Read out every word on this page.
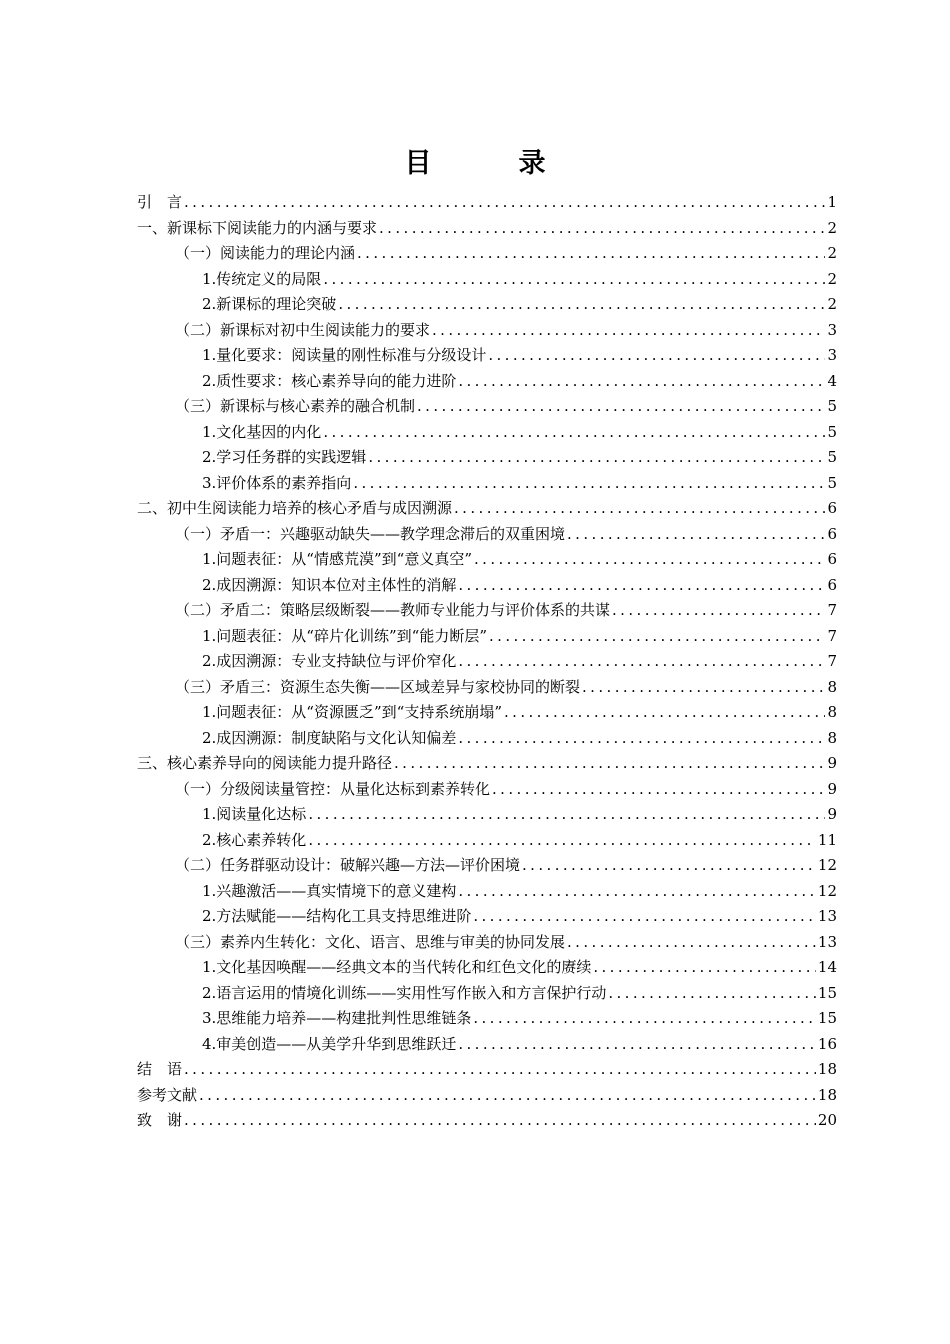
目　录
引　言 .....	1
一、新课标下阅读能力的内涵与要求 .....	2
（一）阅读能力的理论内涵 .....	2
1.传统定义的局限 .....	2
2.新课标的理论突破 .....	2
（二）新课标对初中生阅读能力的要求 .....	3
1.量化要求：阅读量的刚性标准与分级设计 .....	3
2.质性要求：核心素养导向的能力进阶 .....	4
（三）新课标与核心素养的融合机制 .....	5
1.文化基因的内化 .....	5
2.学习任务群的实践逻辑 .....	5
3.评价体系的素养指向 .....	5
二、初中生阅读能力培养的核心矛盾与成因溯源 .....	6
（一）矛盾一：兴趣驱动缺失——教学理念滞后的双重困境 .....	6
1.问题表征：从“情感荒漠”到“意义真空” .....	6
2.成因溯源：知识本位对主体性的消解 .....	6
（二）矛盾二：策略层级断裂——教师专业能力与评价体系的共谋 .....	7
1.问题表征：从“碎片化训练”到“能力断层” .....	7
2.成因溯源：专业支持缺位与评价窄化 .....	7
（三）矛盾三：资源生态失衡——区域差异与家校协同的断裂 .....	8
1.问题表征：从“资源匮乏”到“支持系统崩塌” .....	8
2.成因溯源：制度缺陷与文化认知偏差 .....	8
三、核心素养导向的阅读能力提升路径 .....	9
（一）分级阅读量管控：从量化达标到素养转化 .....	9
1.阅读量化达标 .....	9
2.核心素养转化 .....	11
（二）任务群驱动设计：破解兴趣—方法—评价困境 .....	12
1.兴趣激活——真实情境下的意义建构 .....	12
2.方法赋能——结构化工具支持思维进阶 .....	13
（三）素养内生转化：文化、语言、思维与审美的协同发展 .....	13
1.文化基因唤醒——经典文本的当代转化和红色文化的赓续 .....	14
2.语言运用的情境化训练——实用性写作嵌入和方言保护行动 .....	15
3.思维能力培养——构建批判性思维链条 .....	15
4.审美创造——从美学升华到思维跃迁 .....	16
结　语 .....	18
参考文献 .....	18
致　谢 .....	20
